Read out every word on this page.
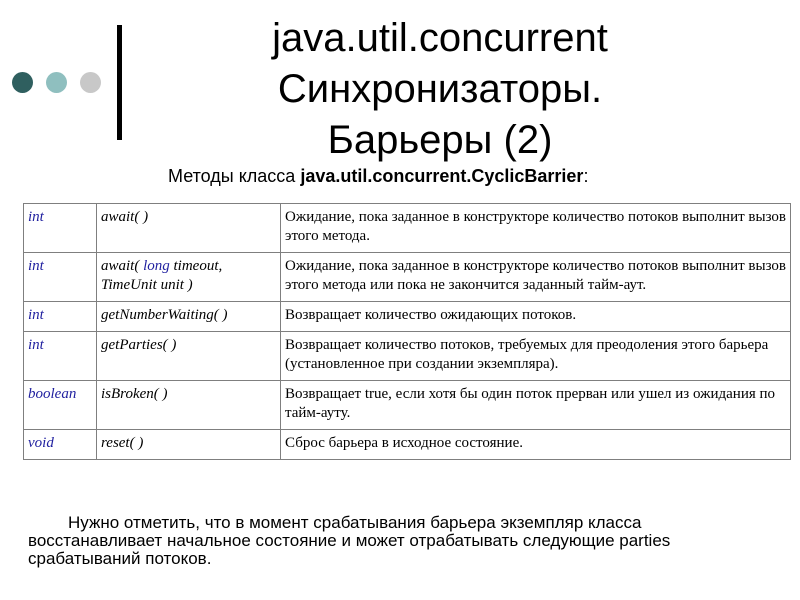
java.util.concurrent
Синхронизаторы.
Барьеры (2)
Методы класса java.util.concurrent.CyclicBarrier:
int	await( )	Ожидание, пока заданное в конструкторе количество потоков выполнит вызов этого метода.
int	await( long timeout, TimeUnit unit )	Ожидание, пока заданное в конструкторе количество потоков выполнит вызов этого метода или пока не закончится заданный тайм-аут.
int	getNumberWaiting( )	Возвращает количество ожидающих потоков.
int	getParties( )	Возвращает количество потоков, требуемых для преодоления этого барьера (установленное при создании экземпляра).
boolean	isBroken( )	Возвращает true, если хотя бы один поток прерван или ушел из ожидания по тайм-ауту.
void	reset( )	Сброс барьера в исходное состояние.
Нужно отметить, что в момент срабатывания барьера экземпляр класса восстанавливает начальное состояние и может отрабатывать следующие parties срабатываний потоков.
